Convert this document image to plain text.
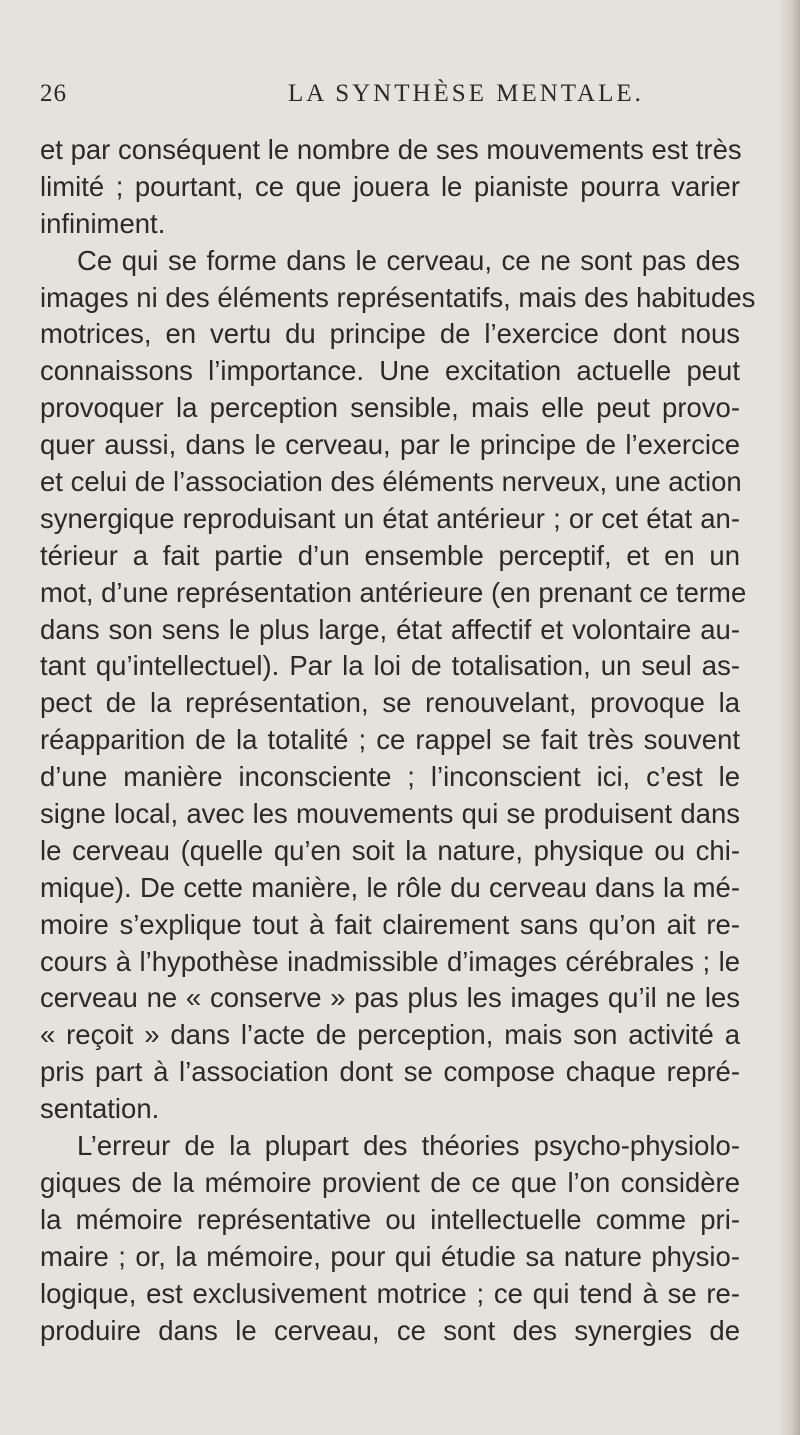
26	LA SYNTHÈSE MENTALE.
et par conséquent le nombre de ses mouvements est très
limité ; pourtant, ce que jouera le pianiste pourra varier
infiniment.
Ce qui se forme dans le cerveau, ce ne sont pas des
images ni des éléments représentatifs, mais des habitudes
motrices, en vertu du principe de l’exercice dont nous
connaissons l’importance. Une excitation actuelle peut
provoquer la perception sensible, mais elle peut provo-
quer aussi, dans le cerveau, par le principe de l’exercice
et celui de l’association des éléments nerveux, une action
synergique reproduisant un état antérieur ; or cet état an-
térieur a fait partie d’un ensemble perceptif, et en un
mot, d’une représentation antérieure (en prenant ce terme
dans son sens le plus large, état affectif et volontaire au-
tant qu’intellectuel). Par la loi de totalisation, un seul as-
pect de la représentation, se renouvelant, provoque la
réapparition de la totalité ; ce rappel se fait très souvent
d’une manière inconsciente ; l’inconscient ici, c’est le
signe local, avec les mouvements qui se produisent dans
le cerveau (quelle qu’en soit la nature, physique ou chi-
mique). De cette manière, le rôle du cerveau dans la mé-
moire s’explique tout à fait clairement sans qu’on ait re-
cours à l’hypothèse inadmissible d’images cérébrales ; le
cerveau ne « conserve » pas plus les images qu’il ne les
« reçoit » dans l’acte de perception, mais son activité a
pris part à l’association dont se compose chaque repré-
sentation.
L’erreur de la plupart des théories psycho-physiolo-
giques de la mémoire provient de ce que l’on considère
la mémoire représentative ou intellectuelle comme pri-
maire ; or, la mémoire, pour qui étudie sa nature physio-
logique, est exclusivement motrice ; ce qui tend à se re-
produire dans le cerveau, ce sont des synergies de
